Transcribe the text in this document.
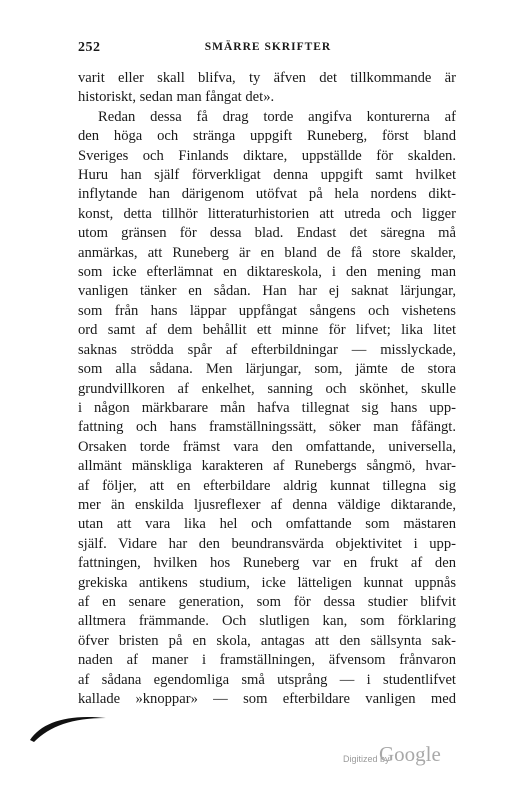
252	SMÄRRE SKRIFTER
varit eller skall blifva, ty äfven det tillkommande är
historiskt, sedan man fångat det».
Redan dessa få drag torde angifva konturerna af
den höga och stränga uppgift Runeberg, först bland
Sveriges och Finlands diktare, uppställde för skalden.
Huru han själf förverkligat denna uppgift samt hvilket
inflytande han därigenom utöfvat på hela nordens dikt-
konst, detta tillhör litteraturhistorien att utreda och ligger
utom gränsen för dessa blad. Endast det säregna må
anmärkas, att Runeberg är en bland de få store skalder,
som icke efterlämnat en diktareskola, i den mening man
vanligen tänker en sådan. Han har ej saknat lärjungar,
som från hans läppar uppfångat sångens och vishetens
ord samt af dem behållit ett minne för lifvet; lika litet
saknas strödda spår af efterbildningar — misslyckade,
som alla sådana. Men lärjungar, som, jämte de stora
grundvillkoren af enkelhet, sanning och skönhet, skulle
i någon märkbarare mån hafva tillegnat sig hans upp-
fattning och hans framställningssätt, söker man fåfängt.
Orsaken torde främst vara den omfattande, universella,
allmänt mänskliga karakteren af Runebergs sångmö, hvar-
af följer, att en efterbildare aldrig kunnat tillegna sig
mer än enskilda ljusreflexer af denna väldige diktarande,
utan att vara lika hel och omfattande som mästaren
själf. Vidare har den beundransvärda objektivitet i upp-
fattningen, hvilken hos Runeberg var en frukt af den
grekiska antikens studium, icke lätteligen kunnat uppnås
af en senare generation, som för dessa studier blifvit
alltmera främmande. Och slutligen kan, som förklaring
öfver bristen på en skola, antagas att den sällsynta sak-
naden af maner i framställningen, äfvensom frånvaron
af sådana egendomliga små utsprång — i studentlifvet
kallade »knoppar» — som efterbildare vanligen med
Digitized by
Google
